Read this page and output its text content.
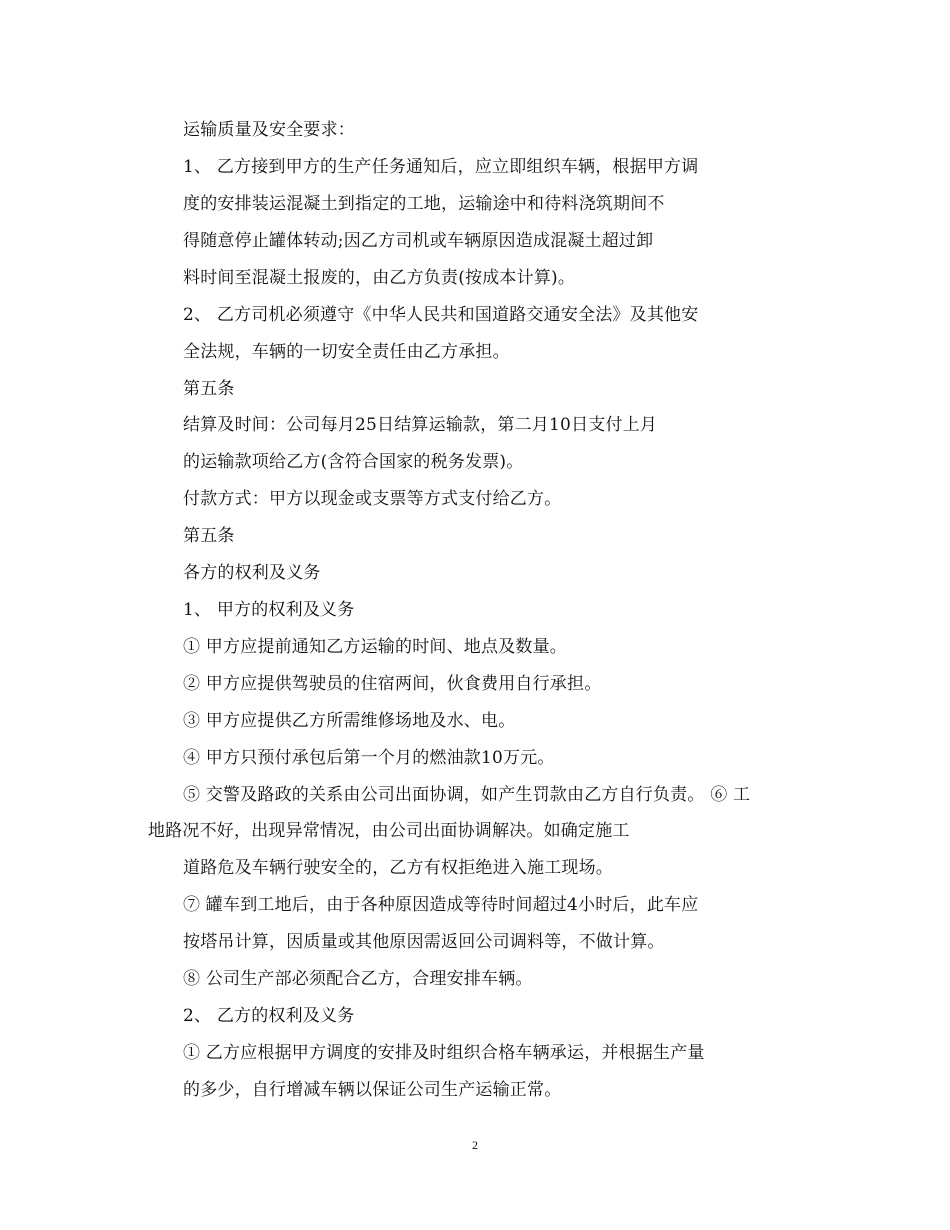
运输质量及安全要求：
1、 乙方接到甲方的生产任务通知后，应立即组织车辆，根据甲方调
度的安排装运混凝土到指定的工地，运输途中和待料浇筑期间不
得随意停止罐体转动;因乙方司机或车辆原因造成混凝土超过卸
料时间至混凝土报废的，由乙方负责(按成本计算)。
2、 乙方司机必须遵守《中华人民共和国道路交通安全法》及其他安
全法规，车辆的一切安全责任由乙方承担。
第五条
结算及时间：公司每月25日结算运输款，第二月10日支付上月
的运输款项给乙方(含符合国家的税务发票)。
付款方式：甲方以现金或支票等方式支付给乙方。
第五条
各方的权利及义务
1、 甲方的权利及义务
① 甲方应提前通知乙方运输的时间、地点及数量。
② 甲方应提供驾驶员的住宿两间，伙食费用自行承担。
③ 甲方应提供乙方所需维修场地及水、电。
④ 甲方只预付承包后第一个月的燃油款10万元。
⑤ 交警及路政的关系由公司出面协调，如产生罚款由乙方自行负责。 ⑥ 工
地路况不好，出现异常情况，由公司出面协调解决。如确定施工
道路危及车辆行驶安全的，乙方有权拒绝进入施工现场。
⑦ 罐车到工地后，由于各种原因造成等待时间超过4小时后，此车应
按塔吊计算，因质量或其他原因需返回公司调料等，不做计算。
⑧ 公司生产部必须配合乙方，合理安排车辆。
2、 乙方的权利及义务
① 乙方应根据甲方调度的安排及时组织合格车辆承运，并根据生产量
的多少，自行增减车辆以保证公司生产运输正常。
2
